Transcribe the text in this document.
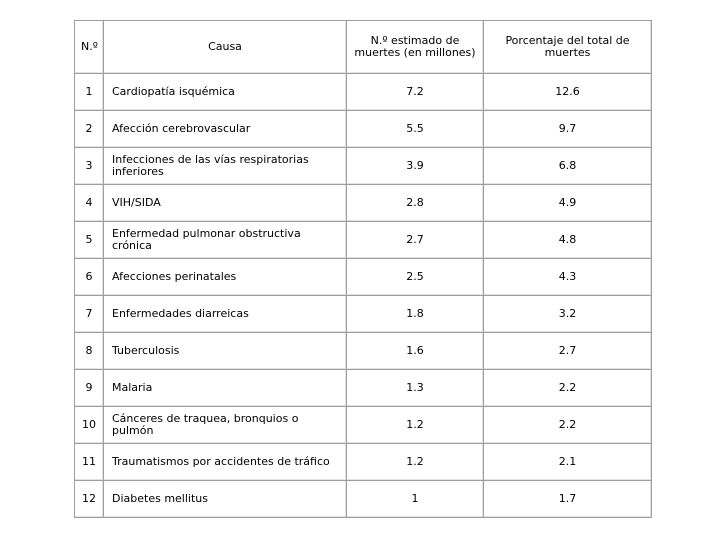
N.º	Causa	N.º estimado de muertes (en millones)	Porcentaje del total de muertes
1	Cardiopatía isquémica	7.2	12.6
2	Afección cerebrovascular	5.5	9.7
3	Infecciones de las vías respiratorias inferiores	3.9	6.8
4	VIH/SIDA	2.8	4.9
5	Enfermedad pulmonar obstructiva crónica	2.7	4.8
6	Afecciones perinatales	2.5	4.3
7	Enfermedades diarreicas	1.8	3.2
8	Tuberculosis	1.6	2.7
9	Malaria	1.3	2.2
10	Cánceres de traquea, bronquios o pulmón	1.2	2.2
11	Traumatismos por accidentes de tráfico	1.2	2.1
12	Diabetes mellitus	1	1.7
